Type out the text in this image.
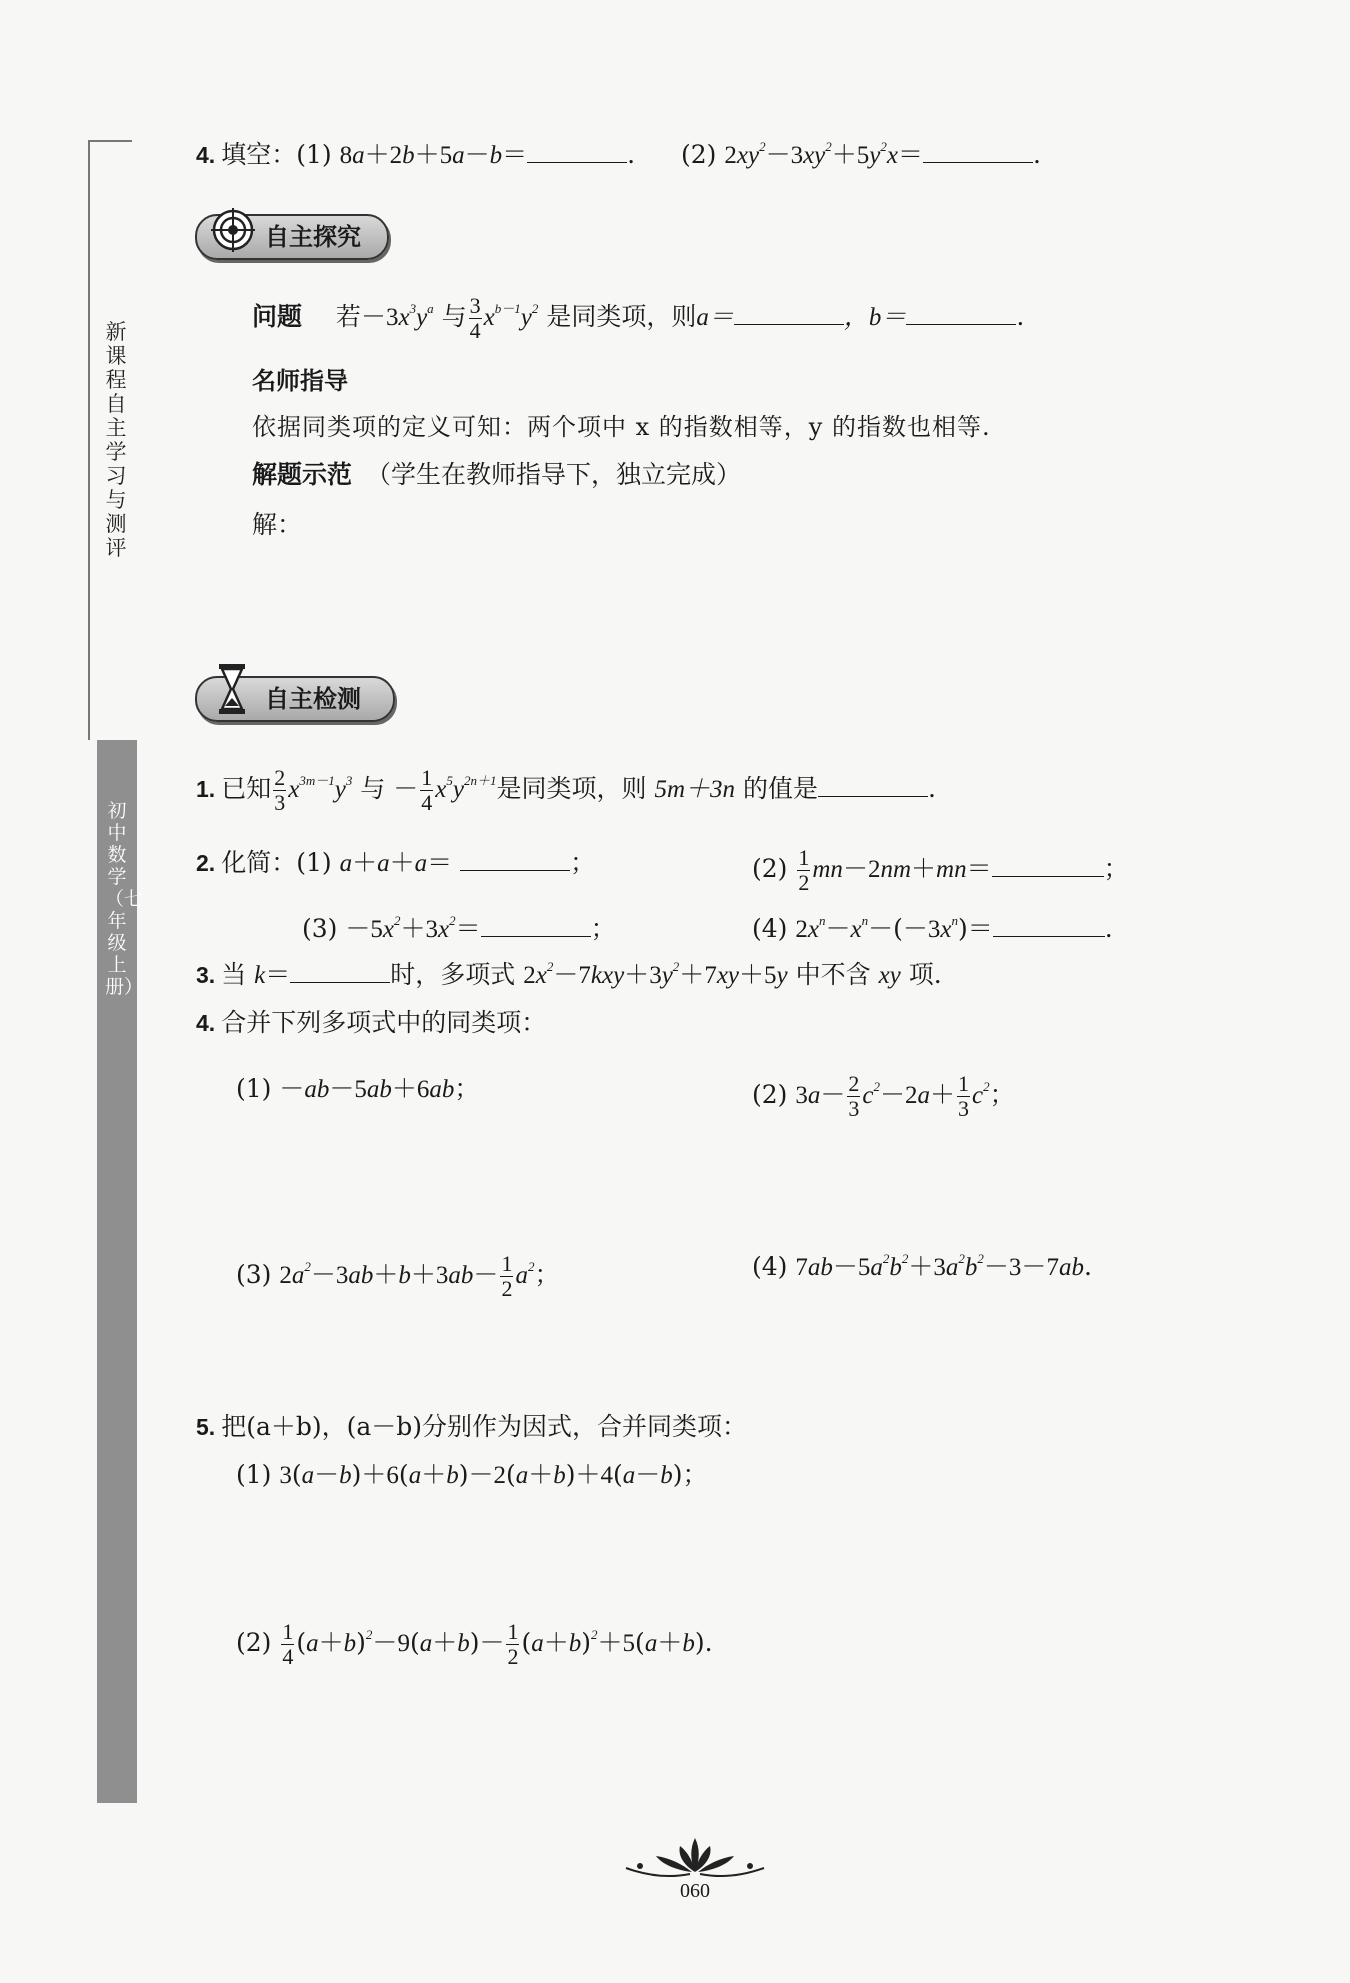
新课程自主学习与测评
初中数学（七年级上册）
4. 填空：(1) 8a＋2b＋5a－b＝	.  (2) $2xy^2-3xy^2+5y^2x=$	.
自主探究
问题 若$-3x^3y^a$ 与 $\frac{3}{4} x^{b-1}y^2$ 是同类项，则a＝	，b＝	.
名师指导
依据同类项的定义可知：两个项中 x 的指数相等，y 的指数也相等.
解题示范 （学生在教师指导下，独立完成）
解：
自主检测
1. 已知 $\frac{2}{3} x^{3m-1}y^3$ 与 － $\frac{1}{4} x^5y^{2n+1}$是同类项，则 5m＋3n 的值是	.
2. 化简：(1) a＋a＋a＝	；	$(2) \frac{1}{2} mn-2nm+mn=$	；
$(3) -5x^2+3x^2=$	；	(4) $2x^n-x^n-(-3x^n)=$	.
3. 当 k＝	时，多项式 $2x^2-7kxy+3y^2+7xy+5y$ 中不含 xy 项.
4. 合并下列多项式中的同类项：
(1) －ab－5ab＋6ab；	(2) $3a- \frac{2}{3} c^2-2a+ \frac{1}{3} c^2$；
(3) $2a^2-3ab+b+3ab- \frac{1}{2} a^2$；	(4) $7ab-5a^2b^2+3a^2b^2-3-7ab$.
5. 把(a＋b)，(a－b)分别作为因式，合并同类项：
(1) 3(a－b)＋6(a＋b)－2(a＋b)＋4(a－b)；
$(2) \frac{1}{4} (a+b)^2-9(a+b)- \frac{1}{2} (a+b)^2+5(a+b)$.
060
